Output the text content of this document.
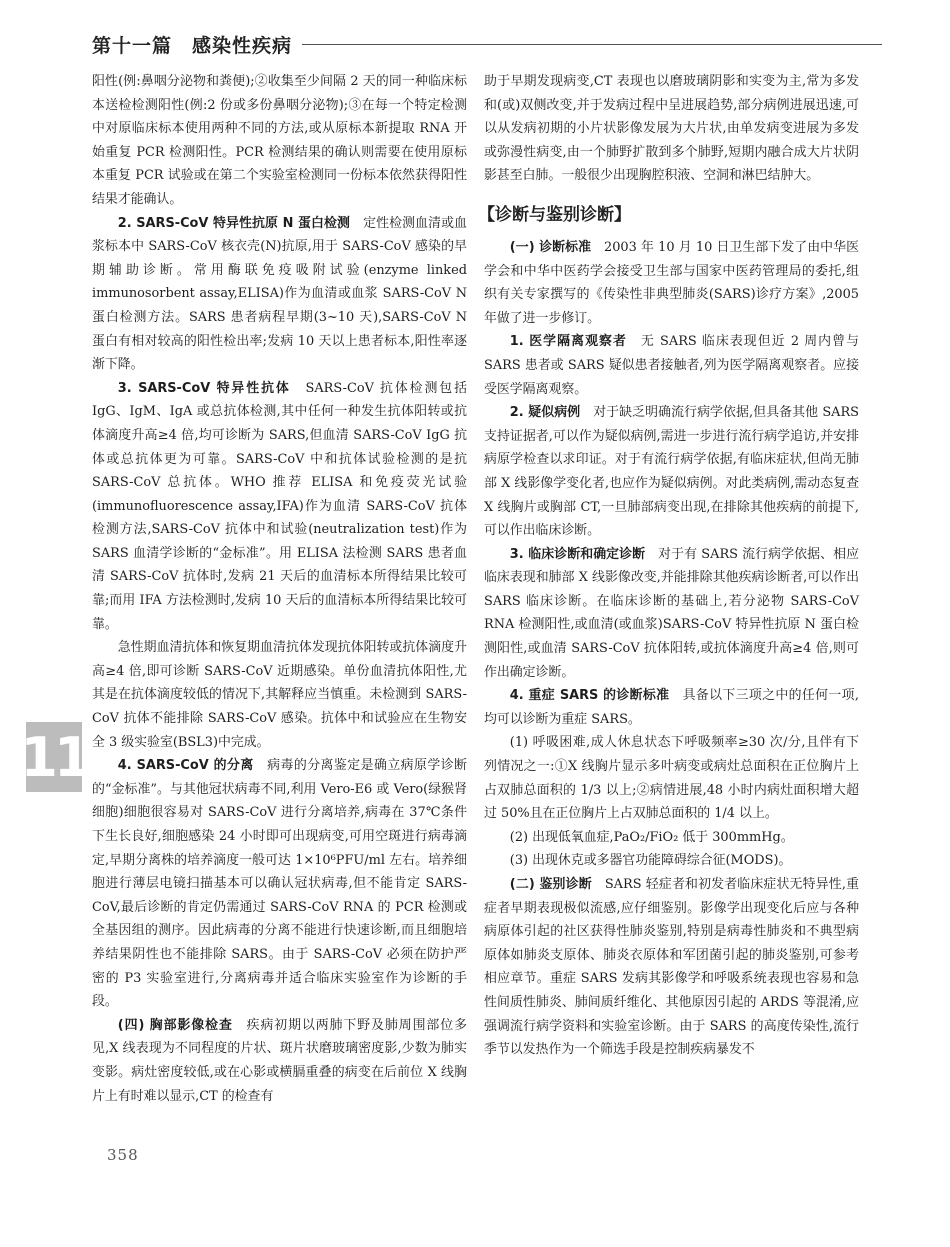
第十一篇　感染性疾病

阳性(例:鼻咽分泌物和粪便);②收集至少间隔 2 天的同一种临床标本送检检测阳性(例:2 份或多份鼻咽分泌物);③在每一个特定检测中对原临床标本使用两种不同的方法,或从原标本新提取 RNA 开始重复 PCR 检测阳性。PCR 检测结果的确认则需要在使用原标本重复 PCR 试验或在第二个实验室检测同一份标本依然获得阳性结果才能确认。

2. SARS-CoV 特异性抗原 N 蛋白检测　定性检测血清或血浆标本中 SARS-CoV 核衣壳(N)抗原,用于 SARS-CoV 感染的早期辅助诊断。常用酶联免疫吸附试验(enzyme linked immunosorbent assay,ELISA)作为血清或血浆 SARS-CoV N 蛋白检测方法。SARS 患者病程早期(3~10 天),SARS-CoV N 蛋白有相对较高的阳性检出率;发病 10 天以上患者标本,阳性率逐渐下降。

3. SARS-CoV 特异性抗体　SARS-CoV 抗体检测包括 IgG、IgM、IgA 或总抗体检测,其中任何一种发生抗体阳转或抗体滴度升高≥4 倍,均可诊断为 SARS,但血清 SARS-CoV IgG 抗体或总抗体更为可靠。SARS-CoV 中和抗体试验检测的是抗 SARS-CoV 总抗体。WHO 推荐 ELISA 和免疫荧光试验(immunofluorescence assay,IFA)作为血清 SARS-CoV 抗体检测方法,SARS-CoV 抗体中和试验(neutralization test)作为 SARS 血清学诊断的“金标准”。用 ELISA 法检测 SARS 患者血清 SARS-CoV 抗体时,发病 21 天后的血清标本所得结果比较可靠;而用 IFA 方法检测时,发病 10 天后的血清标本所得结果比较可靠。

急性期血清抗体和恢复期血清抗体发现抗体阳转或抗体滴度升高≥4 倍,即可诊断 SARS-CoV 近期感染。单份血清抗体阳性,尤其是在抗体滴度较低的情况下,其解释应当慎重。未检测到 SARS-CoV 抗体不能排除 SARS-CoV 感染。抗体中和试验应在生物安全 3 级实验室(BSL3)中完成。

4. SARS-CoV 的分离　病毒的分离鉴定是确立病原学诊断的“金标准”。与其他冠状病毒不同,利用 Vero-E6 或 Vero(绿猴肾细胞)细胞很容易对 SARS-CoV 进行分离培养,病毒在 37℃条件下生长良好,细胞感染 24 小时即可出现病变,可用空斑进行病毒滴定,早期分离株的培养滴度一般可达 1×10⁶PFU/ml 左右。培养细胞进行薄层电镜扫描基本可以确认冠状病毒,但不能肯定 SARS-CoV,最后诊断的肯定仍需通过 SARS-CoV RNA 的 PCR 检测或全基因组的测序。因此病毒的分离不能进行快速诊断,而且细胞培养结果阴性也不能排除 SARS。由于 SARS-CoV 必须在防护严密的 P3 实验室进行,分离病毒并适合临床实验室作为诊断的手段。

(四) 胸部影像检查　疾病初期以两肺下野及肺周围部位多见,X 线表现为不同程度的片状、斑片状磨玻璃密度影,少数为肺实变影。病灶密度较低,或在心影或横膈重叠的病变在后前位 X 线胸片上有时难以显示,CT 的检查有

助于早期发现病变,CT 表现也以磨玻璃阴影和实变为主,常为多发和(或)双侧改变,并于发病过程中呈进展趋势,部分病例进展迅速,可以从发病初期的小片状影像发展为大片状,由单发病变进展为多发或弥漫性病变,由一个肺野扩散到多个肺野,短期内融合成大片状阴影甚至白肺。一般很少出现胸腔积液、空洞和淋巴结肿大。

【诊断与鉴别诊断】

(一) 诊断标准　2003 年 10 月 10 日卫生部下发了由中华医学会和中华中医药学会接受卫生部与国家中医药管理局的委托,组织有关专家撰写的《传染性非典型肺炎(SARS)诊疗方案》,2005 年做了进一步修订。

1. 医学隔离观察者　无 SARS 临床表现但近 2 周内曾与 SARS 患者或 SARS 疑似患者接触者,列为医学隔离观察者。应接受医学隔离观察。

2. 疑似病例　对于缺乏明确流行病学依据,但具备其他 SARS 支持证据者,可以作为疑似病例,需进一步进行流行病学追访,并安排病原学检查以求印证。对于有流行病学依据,有临床症状,但尚无肺部 X 线影像学变化者,也应作为疑似病例。对此类病例,需动态复查 X 线胸片或胸部 CT,一旦肺部病变出现,在排除其他疾病的前提下,可以作出临床诊断。

3. 临床诊断和确定诊断　对于有 SARS 流行病学依据、相应临床表现和肺部 X 线影像改变,并能排除其他疾病诊断者,可以作出 SARS 临床诊断。在临床诊断的基础上,若分泌物 SARS-CoV RNA 检测阳性,或血清(或血浆)SARS-CoV 特异性抗原 N 蛋白检测阳性,或血清 SARS-CoV 抗体阳转,或抗体滴度升高≥4 倍,则可作出确定诊断。

4. 重症 SARS 的诊断标准　具备以下三项之中的任何一项,均可以诊断为重症 SARS。

(1) 呼吸困难,成人休息状态下呼吸频率≥30 次/分,且伴有下列情况之一:①X 线胸片显示多叶病变或病灶总面积在正位胸片上占双肺总面积的 1/3 以上;②病情进展,48 小时内病灶面积增大超过 50%且在正位胸片上占双肺总面积的 1/4 以上。

(2) 出现低氧血症,PaO₂/FiO₂ 低于 300mmHg。

(3) 出现休克或多器官功能障碍综合征(MODS)。

(二) 鉴别诊断　SARS 轻症者和初发者临床症状无特异性,重症者早期表现极似流感,应仔细鉴别。影像学出现变化后应与各种病原体引起的社区获得性肺炎鉴别,特别是病毒性肺炎和不典型病原体如肺炎支原体、肺炎衣原体和军团菌引起的肺炎鉴别,可参考相应章节。重症 SARS 发病其影像学和呼吸系统表现也容易和急性间质性肺炎、肺间质纤维化、其他原因引起的 ARDS 等混淆,应强调流行病学资料和实验室诊断。由于 SARS 的高度传染性,流行季节以发热作为一个筛选手段是控制疾病暴发不

11
358
